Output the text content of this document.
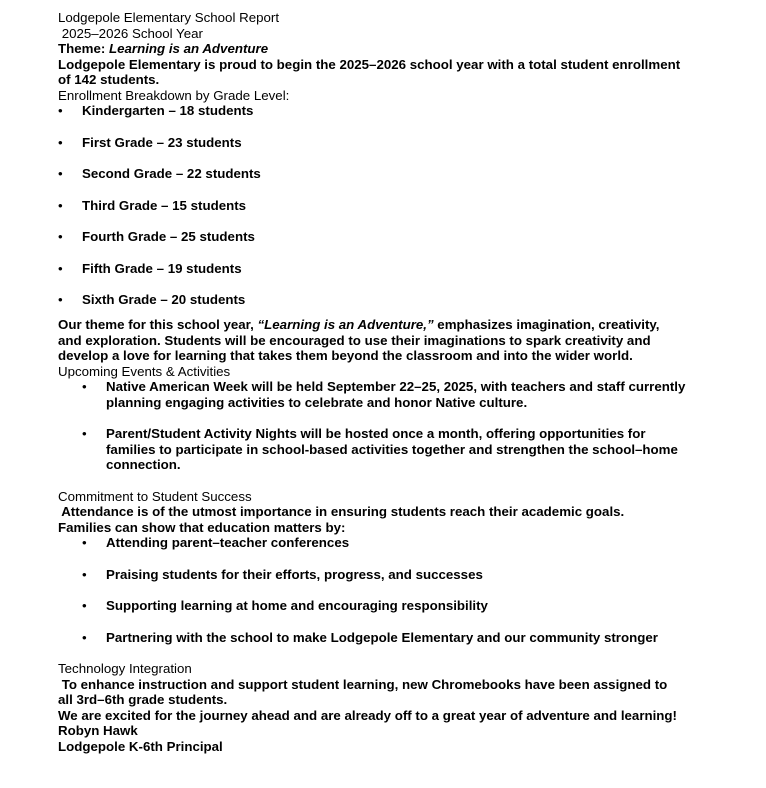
Lodgepole Elementary School Report
2025–2026 School Year
Theme: Learning is an Adventure
Lodgepole Elementary is proud to begin the 2025–2026 school year with a total student enrollment
of 142 students.
Enrollment Breakdown by Grade Level:
• Kindergarten – 18 students
• First Grade – 23 students
• Second Grade – 22 students
• Third Grade – 15 students
• Fourth Grade – 25 students
• Fifth Grade – 19 students
• Sixth Grade – 20 students
Our theme for this school year, “Learning is an Adventure,” emphasizes imagination, creativity,
and exploration. Students will be encouraged to use their imaginations to spark creativity and
develop a love for learning that takes them beyond the classroom and into the wider world.
Upcoming Events & Activities
• Native American Week will be held September 22–25, 2025, with teachers and staff currently planning engaging activities to celebrate and honor Native culture.
• Parent/Student Activity Nights will be hosted once a month, offering opportunities for families to participate in school-based activities together and strengthen the school–home connection.
Commitment to Student Success
Attendance is of the utmost importance in ensuring students reach their academic goals.
Families can show that education matters by:
• Attending parent–teacher conferences
• Praising students for their efforts, progress, and successes
• Supporting learning at home and encouraging responsibility
• Partnering with the school to make Lodgepole Elementary and our community stronger
Technology Integration
To enhance instruction and support student learning, new Chromebooks have been assigned to
all 3rd–6th grade students.
We are excited for the journey ahead and are already off to a great year of adventure and learning!
Robyn Hawk
Lodgepole K-6th Principal
